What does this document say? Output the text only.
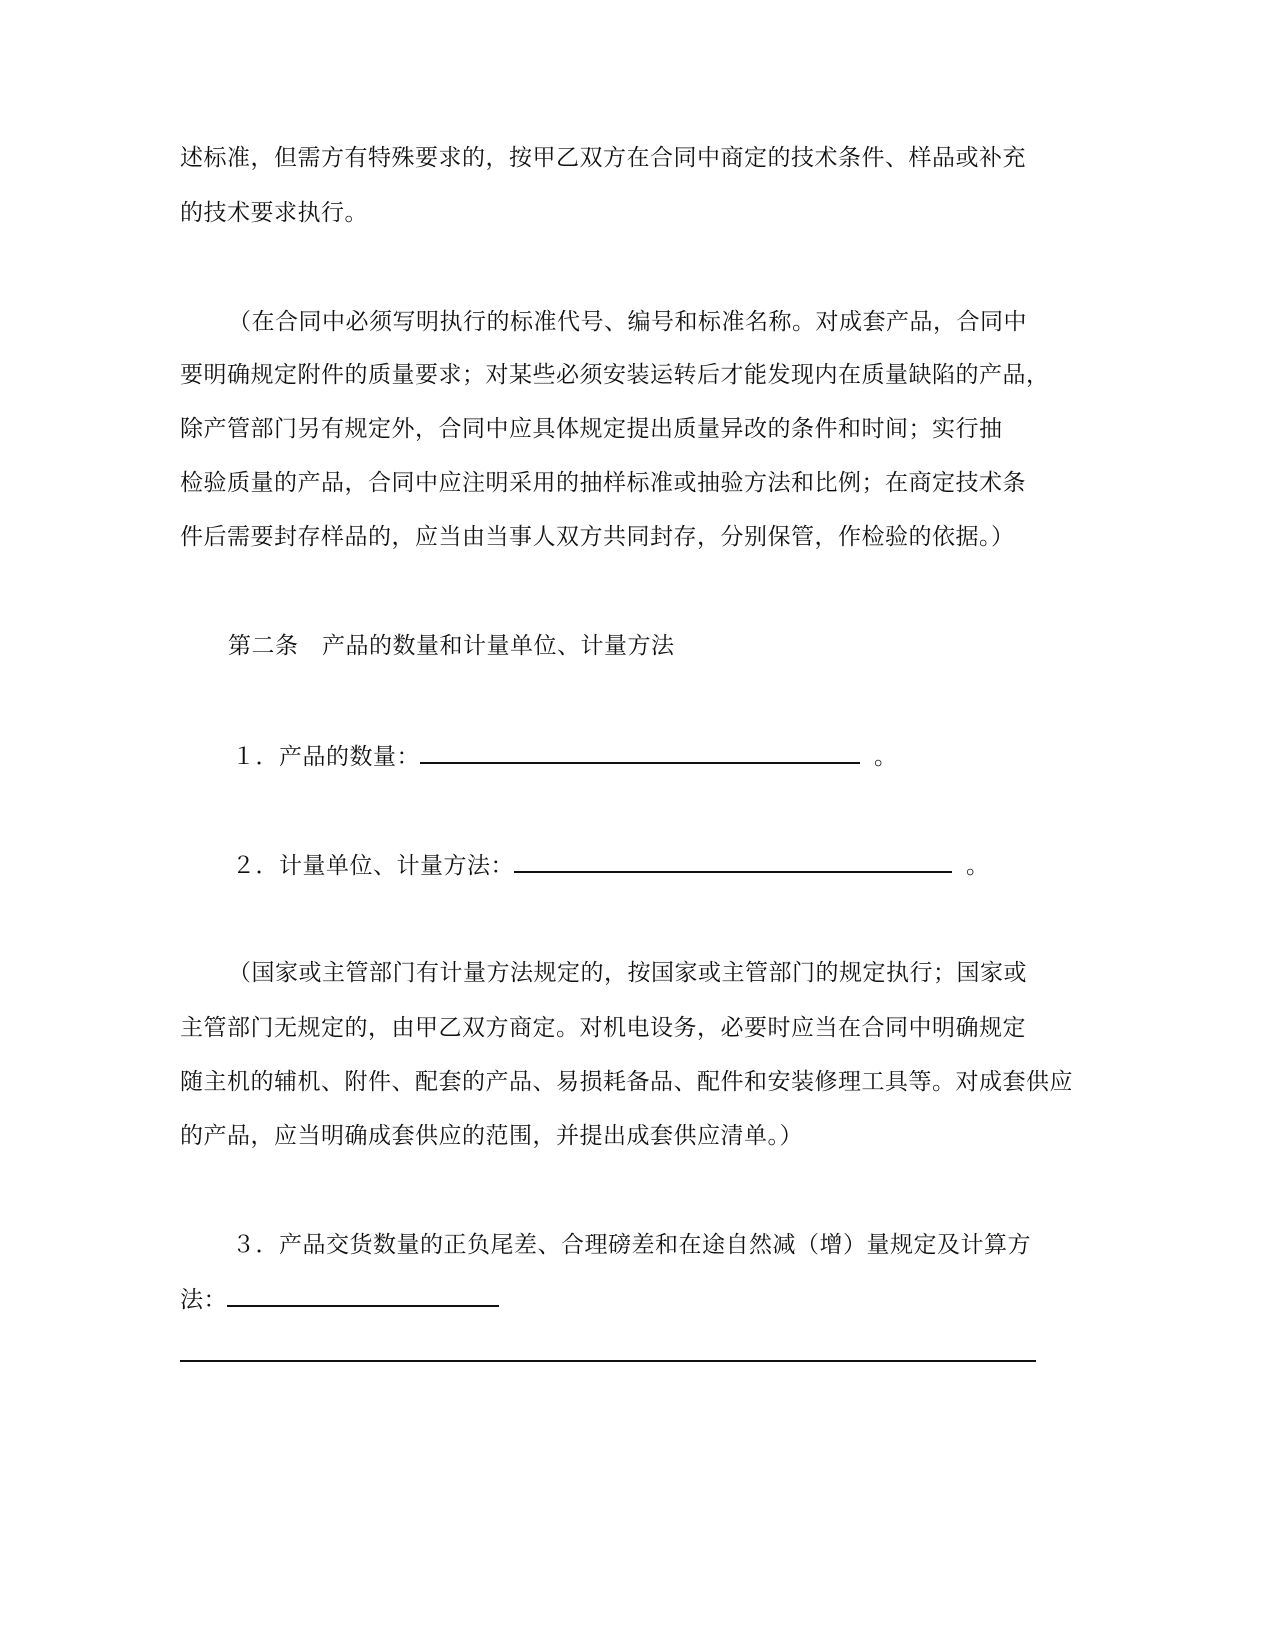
述标准，但需方有特殊要求的，按甲乙双方在合同中商定的技术条件、样品或补充
的技术要求执行。
（在合同中必须写明执行的标准代号、编号和标准名称。对成套产品，合同中
要明确规定附件的质量要求；对某些必须安装运转后才能发现内在质量缺陷的产品，
除产管部门另有规定外，合同中应具体规定提出质量异改的条件和时间；实行抽
检验质量的产品，合同中应注明采用的抽样标准或抽验方法和比例；在商定技术条
件后需要封存样品的，应当由当事人双方共同封存，分别保管，作检验的依据。）
第二条　产品的数量和计量单位、计量方法
１．产品的数量：	。
２．计量单位、计量方法：	。
（国家或主管部门有计量方法规定的，按国家或主管部门的规定执行；国家或
主管部门无规定的，由甲乙双方商定。对机电设务，必要时应当在合同中明确规定
随主机的辅机、附件、配套的产品、易损耗备品、配件和安装修理工具等。对成套供应
的产品，应当明确成套供应的范围，并提出成套供应清单。）
３．产品交货数量的正负尾差、合理磅差和在途自然减（增）量规定及计算方
法：
